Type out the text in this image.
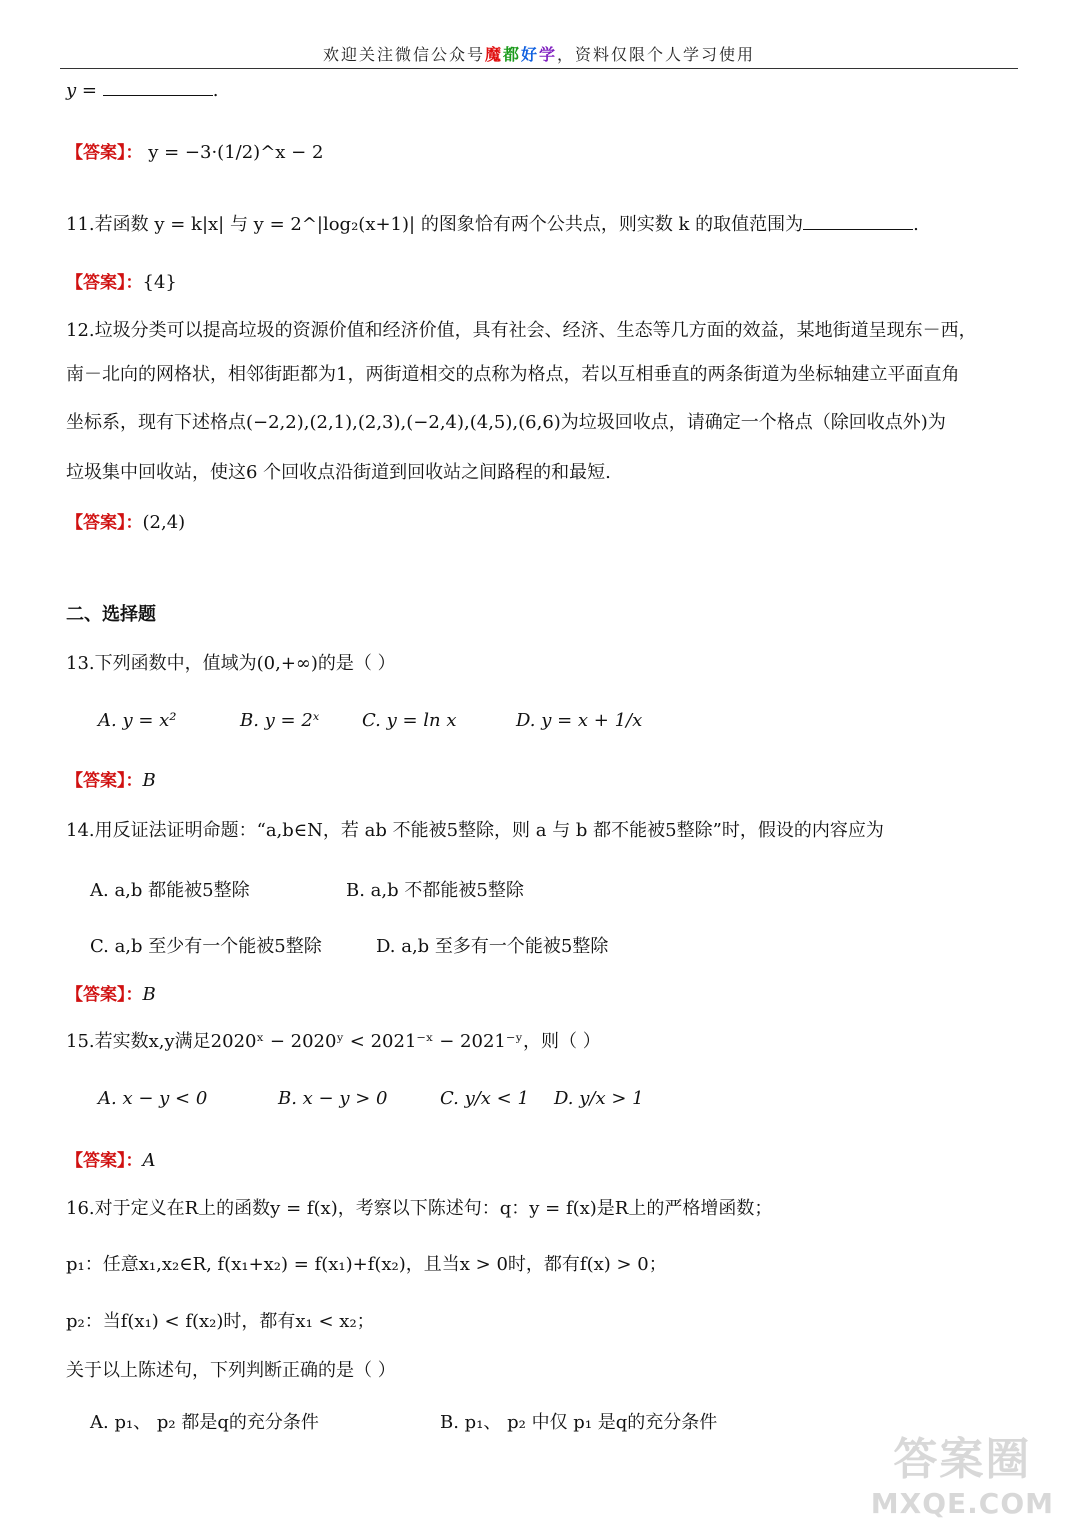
欢迎关注微信公众号魔都好学，资料仅限个人学习使用
y =	.
【答案】： y = −3·(1/2)^x − 2
11.若函数 y = k|x| 与 y = 2^|log₂(x+1)| 的图象恰有两个公共点，则实数 k 的取值范围为	.
【答案】：{4}
12.垃圾分类可以提高垃圾的资源价值和经济价值，具有社会、经济、生态等几方面的效益，某地街道呈现东－西，
南－北向的网格状，相邻街距都为1，两街道相交的点称为格点，若以互相垂直的两条街道为坐标轴建立平面直角
坐标系，现有下述格点(−2,2),(2,1),(2,3),(−2,4),(4,5),(6,6)为垃圾回收点，请确定一个格点（除回收点外)为
垃圾集中回收站，使这6 个回收点沿街道到回收站之间路程的和最短.
【答案】：(2,4)
二、选择题
13.下列函数中，值域为(0,+∞)的是（ ）
A. y = x²	B. y = 2ˣ C. y = ln x	D. y = x + 1/x
【答案】：B
14.用反证法证明命题：“a,b∈N，若 ab 不能被5整除，则 a 与 b 都不能被5整除”时，假设的内容应为
A. a,b 都能被5整除	B. a,b 不都能被5整除
C. a,b 至少有一个能被5整除	D. a,b 至多有一个能被5整除
【答案】：B
15.若实数x,y满足2020ˣ − 2020ʸ < 2021⁻ˣ − 2021⁻ʸ，则（ ）
A. x − y < 0	B. x − y > 0	C. y/x < 1 D. y/x > 1
【答案】：A
16.对于定义在R上的函数y = f(x)，考察以下陈述句：q：y = f(x)是R上的严格增函数；
p₁：任意x₁,x₂∈R, f(x₁+x₂) = f(x₁)+f(x₂)，且当x > 0时，都有f(x) > 0；
p₂：当f(x₁) < f(x₂)时，都有x₁ < x₂；
关于以上陈述句，下列判断正确的是（ ）
A. p₁、 p₂ 都是q的充分条件	B. p₁、 p₂ 中仅 p₁ 是q的充分条件
答案圈
MXQE.COM
